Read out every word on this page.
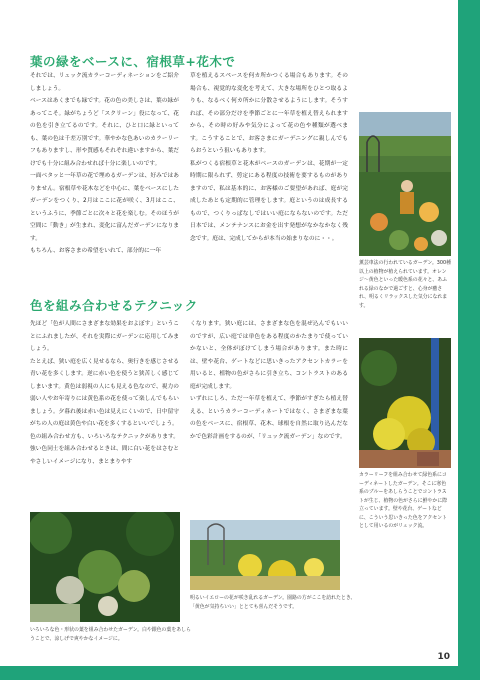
10
葉の緑をベースに、宿根草+花木で

それでは、リュック流カラーコーディネーションをご紹介しましょう。

ベースはあくまでも緑です。花の色の美しさは、葉の緑があってこそ。緑がちょうど「スクリーン」役になって、花の色を引き立てるのです。それに、ひと口に緑といっても、葉の色は千差万別です。華やかな色あいのカラーリーフもありますし、形や質感もそれぞれ違いますから、葉だけでも十分に組み合わせれば十分に楽しいのです。

一面ベタッと一年草の花で埋めるガーデンは、好みではありません。宿根草や花木などを中心に、葉をベースにしたガーデンをつくり、2月はここに花が咲く、3月はここ、というふうに、季節ごとに次々と花を楽しむ。そのほうが空間に「動き」が生まれ、変化に富んだガーデンになります。

もちろん、お客さまの希望をいれて、部分的に一年

草を植えるスペースを何カ所かつくる場合もあります。その場合も、視覚的な変化を考えて、大きな場所をひとつ取るよりも、なるべく何カ所かに分散させるようにします。そうすれば、その部分だけを季節ごとに一年草を植え替えられますから、その時の好みや気分によって花の色や種類が選べます。こうすることで、お客さまにガーデニングに親しんでもらおうという狙いもあります。

私がつくる宿根草と花木がベースのガーデンは、花期が一定時期に限られず、剪定にある程度の技術を要するものがありますので、私は基本的に、お客様のご要望があれば、庭が完成したあとも定期的に管理をします。庭というのは成長するもので、つくりっぱなしではいい庭にならないのです。ただ日本では、メンテナンスにお金を出す発想がなかなかなく残念です。庭は、完成してからが本当の始まりなのに・・。

薫芸車法の行われているガーデン。300種以上の植物が植えられています。オレンジ〜黄色といった暖色系の花々と、あふれる緑のなかで過ごすと、心身が癒され、明るくリラックスした気分になれます。
色を組み合わせるテクニック

先ほど「色が人間にさまざまな効果をおよぼす」ということにふれましたが、それを実際にガーデンに応用してみましょう。

たとえば、狭い庭を広く見せるなら、奥行きを感じさせる青い花を多くします。逆に赤い色を使うと狭苦しく感じてしまいます。黄色は弱視の人にも見える色なので、視力の弱い人やお年寄りには黄色系の花を使って楽しんでもらいましょう。夕暮れ後は赤い色は見えにくいので、日中留守がちの人の庭は黄色や白い花を多くするといいでしょう。

色の組み合わせ方も、いろいろなテクニックがあります。強い色同士を組み合わせるときは、間に白い花をはさむとやさしいイメージになり、まとまりやす

くなります。狭い庭には、さまざまな色を混ぜ込んでもいいのですが、広い庭では単色をある程度のかたまりで使っていかないと、全体がぼけてしまう場合があります。また時には、壁や花台、ゲートなどに思いきったアクセントカラーを用いると、植物の色がさらに引き立ち、コントラストのある庭が完成します。

いずれにしろ、ただ一年草を植えて、季節がすぎたら植え替える、というカラーコーディネートではなく、さまざまな葉の色をベースに、宿根草、花木、球根を自然に取り込んだなかで色彩計画をするのが、「リュック流ガーデン」なのです。

カラーリーフを組み合わせて緑色系にコーディネートしたガーデン。そこに寒色系のブルーをあしらうことでコントラストが生じ、植物の色がさらに鮮やかに際立っています。壁や花台、ゲートなどに、こういう思いきった色をアクセントとして用いるのがリュック流。
いろいろな色・形状の葉を組み合わせたガーデン。白や銀色の葉をあしらうことで、涼しげで爽やかなイメージに。
明るいイエローの花が咲き乱れるガーデン。園路の方がここを訪れたとき、「黄色が気持ちいい」ととても喜んだそうです。
